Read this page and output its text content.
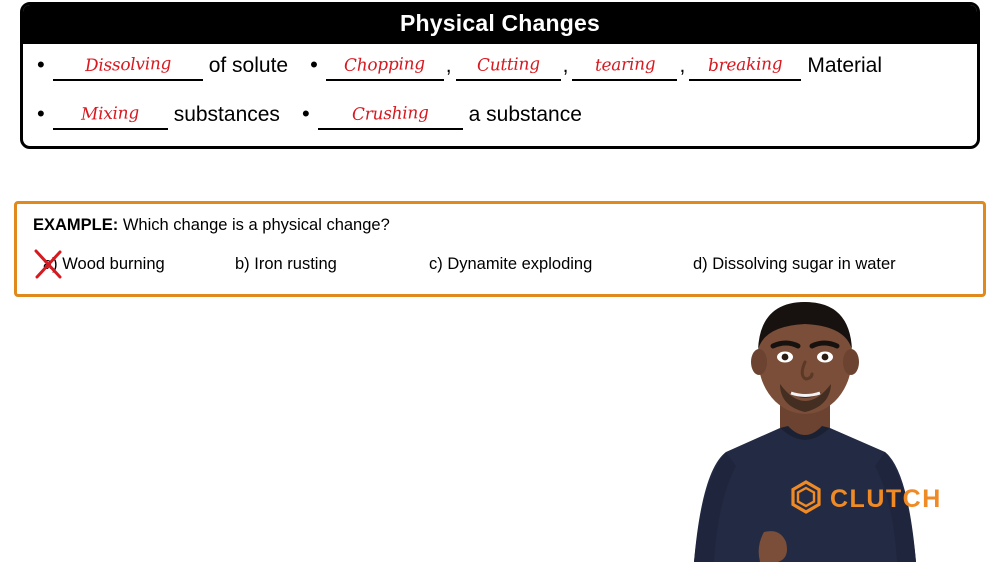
Physical Changes
•	Dissolving	of solute •	Chopping ,	Cutting	,	tearing	,	breaking	Material
•	Mixing	substances •	Crushing	a substance
EXAMPLE: Which change is a physical change?
a) Wood burning	b) Iron rusting	c) Dynamite exploding	d) Dissolving sugar in water
CLUTCH
